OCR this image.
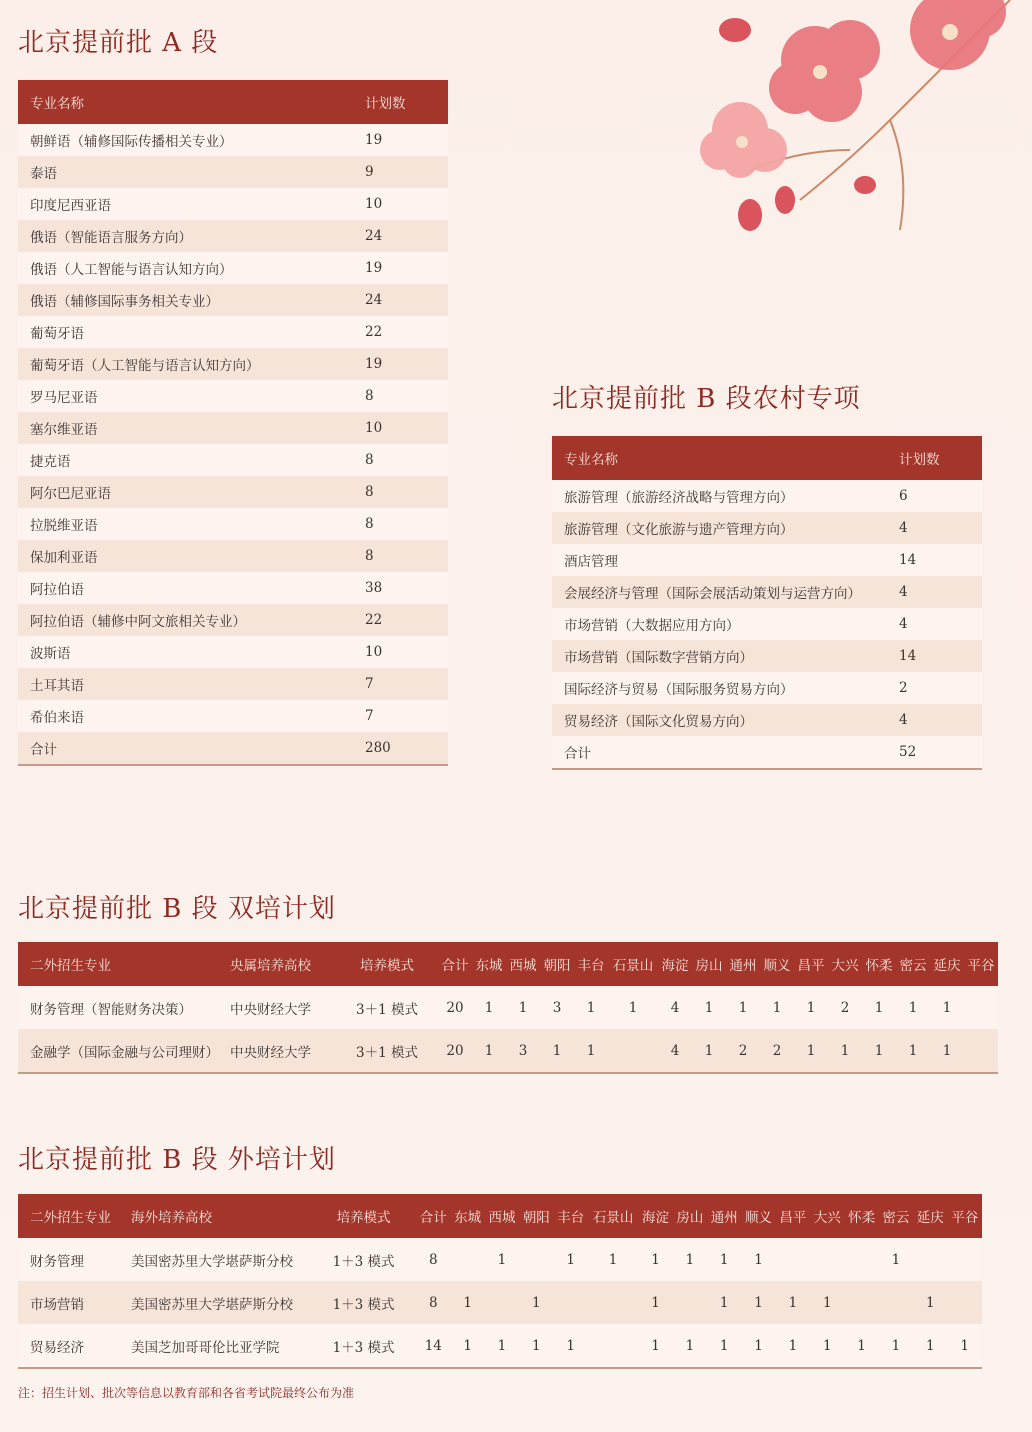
北京提前批 A 段
专业名称	计划数
朝鲜语（辅修国际传播相关专业）	19
泰语	9
印度尼西亚语	10
俄语（智能语言服务方向）	24
俄语（人工智能与语言认知方向）	19
俄语（辅修国际事务相关专业）	24
葡萄牙语	22
葡萄牙语（人工智能与语言认知方向）	19
罗马尼亚语	8
塞尔维亚语	10
捷克语	8
阿尔巴尼亚语	8
拉脱维亚语	8
保加利亚语	8
阿拉伯语	38
阿拉伯语（辅修中阿文旅相关专业）	22
波斯语	10
土耳其语	7
希伯来语	7
合计	280
北京提前批 B 段农村专项
专业名称	计划数
旅游管理（旅游经济战略与管理方向）	6
旅游管理（文化旅游与遗产管理方向）	4
酒店管理	14
会展经济与管理（国际会展活动策划与运营方向）	4
市场营销（大数据应用方向）	4
市场营销（国际数字营销方向）	14
国际经济与贸易（国际服务贸易方向）	2
贸易经济（国际文化贸易方向）	4
合计	52
北京提前批 B 段 双培计划
二外招生专业	央属培养高校	培养模式	合计	东城	西城	朝阳	丰台	石景山	海淀	房山	通州	顺义	昌平	大兴	怀柔	密云	延庆	平谷
财务管理（智能财务决策）	中央财经大学	3＋1 模式	20	1	1	3	1	1	4	1	1	1	1	2	1	1	1	
金融学（国际金融与公司理财）	中央财经大学	3＋1 模式	20	1	3	1	1		4	1	2	2	1	1	1	1	1	
北京提前批 B 段 外培计划
二外招生专业	海外培养高校	培养模式	合计	东城	西城	朝阳	丰台	石景山	海淀	房山	通州	顺义	昌平	大兴	怀柔	密云	延庆	平谷
财务管理	美国密苏里大学堪萨斯分校	1＋3 模式	8		1		1	1	1	1	1	1				1		
市场营销	美国密苏里大学堪萨斯分校	1＋3 模式	8	1		1			1		1	1	1	1			1	
贸易经济	美国芝加哥哥伦比亚学院	1＋3 模式	14	1	1	1	1		1	1	1	1	1	1	1	1	1	1
注：招生计划、批次等信息以教育部和各省考试院最终公布为准
